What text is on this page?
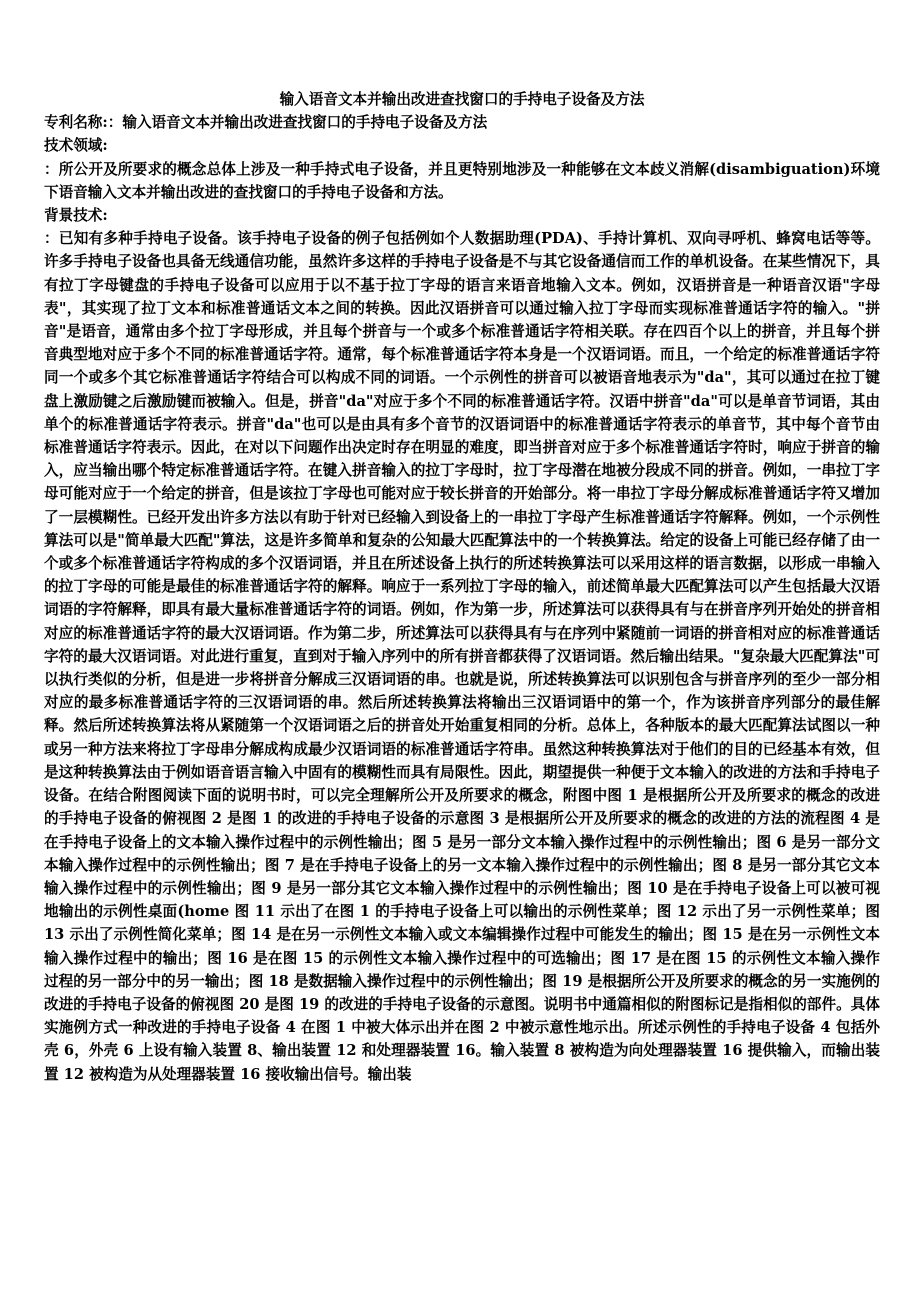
输入语音文本并输出改进查找窗口的手持电子设备及方法

专利名称:：输入语音文本并输出改进查找窗口的手持电子设备及方法

技术领域:

：所公开及所要求的概念总体上涉及一种手持式电子设备，并且更特别地涉及一种能够在文本歧义消解(disambiguation)环境下语音输入文本并输出改进的查找窗口的手持电子设备和方法。

背景技术:

：已知有多种手持电子设备。该手持电子设备的例子包括例如个人数据助理(PDA)、手持计算机、双向寻呼机、蜂窝电话等等。许多手持电子设备也具备无线通信功能，虽然许多这样的手持电子设备是不与其它设备通信而工作的单机设备。在某些情况下，具有拉丁字母键盘的手持电子设备可以应用于以不基于拉丁字母的语言来语音地输入文本。例如，汉语拼音是一种语音汉语"字母表"，其实现了拉丁文本和标准普通话文本之间的转换。因此汉语拼音可以通过输入拉丁字母而实现标准普通话字符的输入。"拼音"是语音，通常由多个拉丁字母形成，并且每个拼音与一个或多个标准普通话字符相关联。存在四百个以上的拼音，并且每个拼音典型地对应于多个不同的标准普通话字符。通常，每个标准普通话字符本身是一个汉语词语。而且，一个给定的标准普通话字符同一个或多个其它标准普通话字符结合可以构成不同的词语。一个示例性的拼音可以被语音地表示为"da"，其可以通过在拉丁键盘上激励键之后激励键而被输入。但是，拼音"da"对应于多个不同的标准普通话字符。汉语中拼音"da"可以是单音节词语，其由单个的标准普通话字符表示。拼音"da"也可以是由具有多个音节的汉语词语中的标准普通话字符表示的单音节，其中每个音节由标准普通话字符表示。因此，在对以下问题作出决定时存在明显的难度，即当拼音对应于多个标准普通话字符时，响应于拼音的输入，应当输出哪个特定标准普通话字符。在键入拼音输入的拉丁字母时，拉丁字母潜在地被分段成不同的拼音。例如，一串拉丁字母可能对应于一个给定的拼音，但是该拉丁字母也可能对应于较长拼音的开始部分。将一串拉丁字母分解成标准普通话字符又增加了一层模糊性。已经开发出许多方法以有助于针对已经输入到设备上的一串拉丁字母产生标准普通话字符解释。例如，一个示例性算法可以是"简单最大匹配"算法，这是许多简单和复杂的公知最大匹配算法中的一个转换算法。给定的设备上可能已经存储了由一个或多个标准普通话字符构成的多个汉语词语，并且在所述设备上执行的所述转换算法可以采用这样的语言数据，以形成一串输入的拉丁字母的可能是最佳的标准普通话字符的解释。响应于一系列拉丁字母的输入，前述简单最大匹配算法可以产生包括最大汉语词语的字符解释，即具有最大量标准普通话字符的词语。例如，作为第一步，所述算法可以获得具有与在拼音序列开始处的拼音相对应的标准普通话字符的最大汉语词语。作为第二步，所述算法可以获得具有与在序列中紧随前一词语的拼音相对应的标准普通话字符的最大汉语词语。对此进行重复，直到对于输入序列中的所有拼音都获得了汉语词语。然后输出结果。"复杂最大匹配算法"可以执行类似的分析，但是进一步将拼音分解成三汉语词语的串。也就是说，所述转换算法可以识别包含与拼音序列的至少一部分相对应的最多标准普通话字符的三汉语词语的串。然后所述转换算法将输出三汉语词语中的第一个，作为该拼音序列部分的最佳解释。然后所述转换算法将从紧随第一个汉语词语之后的拼音处开始重复相同的分析。总体上，各种版本的最大匹配算法试图以一种或另一种方法来将拉丁字母串分解成构成最少汉语词语的标准普通话字符串。虽然这种转换算法对于他们的目的已经基本有效，但是这种转换算法由于例如语音语言输入中固有的模糊性而具有局限性。因此，期望提供一种便于文本输入的改进的方法和手持电子设备。在结合附图阅读下面的说明书时，可以完全理解所公开及所要求的概念，附图中图 1 是根据所公开及所要求的概念的改进的手持电子设备的俯视图 2 是图 1 的改进的手持电子设备的示意图 3 是根据所公开及所要求的概念的改进的方法的流程图 4 是在手持电子设备上的文本输入操作过程中的示例性输出；图 5 是另一部分文本输入操作过程中的示例性输出；图 6 是另一部分文本输入操作过程中的示例性输出；图 7 是在手持电子设备上的另一文本输入操作过程中的示例性输出；图 8 是另一部分其它文本输入操作过程中的示例性输出；图 9 是另一部分其它文本输入操作过程中的示例性输出；图 10 是在手持电子设备上可以被可视地输出的示例性桌面(home 图 11 示出了在图 1 的手持电子设备上可以输出的示例性菜单；图 12 示出了另一示例性菜单；图 13 示出了示例性简化菜单；图 14 是在另一示例性文本输入或文本编辑操作过程中可能发生的输出；图 15 是在另一示例性文本输入操作过程中的输出；图 16 是在图 15 的示例性文本输入操作过程中的可选输出；图 17 是在图 15 的示例性文本输入操作过程的另一部分中的另一输出；图 18 是数据输入操作过程中的示例性输出；图 19 是根据所公开及所要求的概念的另一实施例的改进的手持电子设备的俯视图 20 是图 19 的改进的手持电子设备的示意图。说明书中通篇相似的附图标记是指相似的部件。具体实施例方式一种改进的手持电子设备 4 在图 1 中被大体示出并在图 2 中被示意性地示出。所述示例性的手持电子设备 4 包括外壳 6，外壳 6 上设有输入装置 8、输出装置 12 和处理器装置 16。输入装置 8 被构造为向处理器装置 16 提供输入，而输出装置 12 被构造为从处理器装置 16 接收输出信号。输出装
